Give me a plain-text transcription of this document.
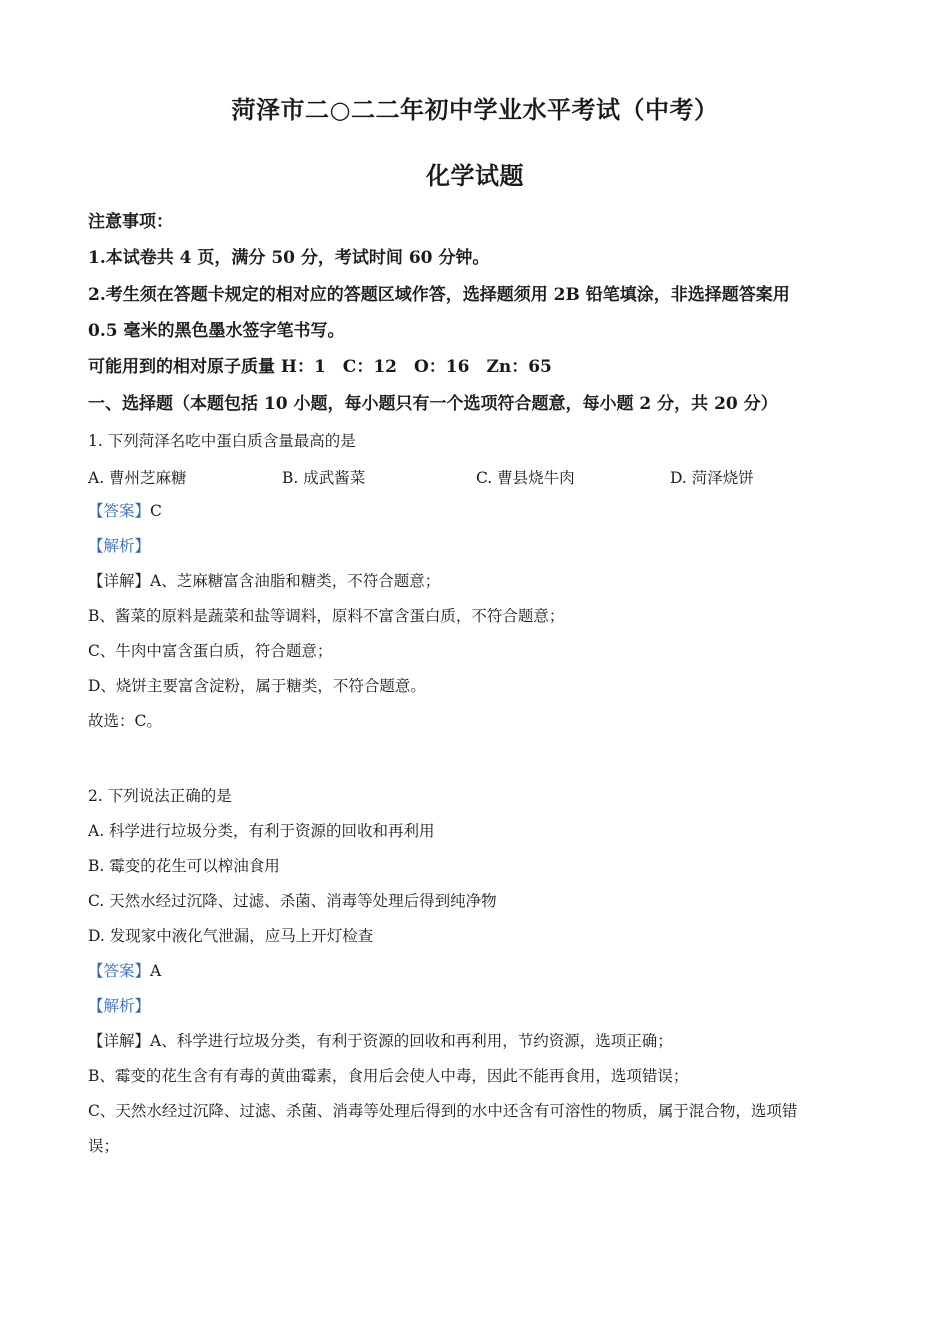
菏泽市二○二二年初中学业水平考试（中考）
化学试题
注意事项：
1.本试卷共 4 页，满分 50 分，考试时间 60 分钟。
2.考生须在答题卡规定的相对应的答题区域作答，选择题须用 2B 铅笔填涂，非选择题答案用
0.5 毫米的黑色墨水签字笔书写。
可能用到的相对原子质量 H：1　C：12　O：16　Zn：65
一、选择题（本题包括 10 小题，每小题只有一个选项符合题意，每小题 2 分，共 20 分）
1. 下列菏泽名吃中蛋白质含量最高的是
A. 曹州芝麻糖	B. 成武酱菜	C. 曹县烧牛肉	D. 菏泽烧饼
【答案】C
【解析】
【详解】A、芝麻糖富含油脂和糖类，不符合题意；
B、酱菜的原料是蔬菜和盐等调料，原料不富含蛋白质，不符合题意；
C、牛肉中富含蛋白质，符合题意；
D、烧饼主要富含淀粉，属于糖类，不符合题意。
故选：C。
2. 下列说法正确的是
A. 科学进行垃圾分类，有利于资源的回收和再利用
B. 霉变的花生可以榨油食用
C. 天然水经过沉降、过滤、杀菌、消毒等处理后得到纯净物
D. 发现家中液化气泄漏，应马上开灯检查
【答案】A
【解析】
【详解】A、科学进行垃圾分类，有利于资源的回收和再利用，节约资源，选项正确；
B、霉变的花生含有有毒的黄曲霉素，食用后会使人中毒，因此不能再食用，选项错误；
C、天然水经过沉降、过滤、杀菌、消毒等处理后得到的水中还含有可溶性的物质，属于混合物，选项错
误；
